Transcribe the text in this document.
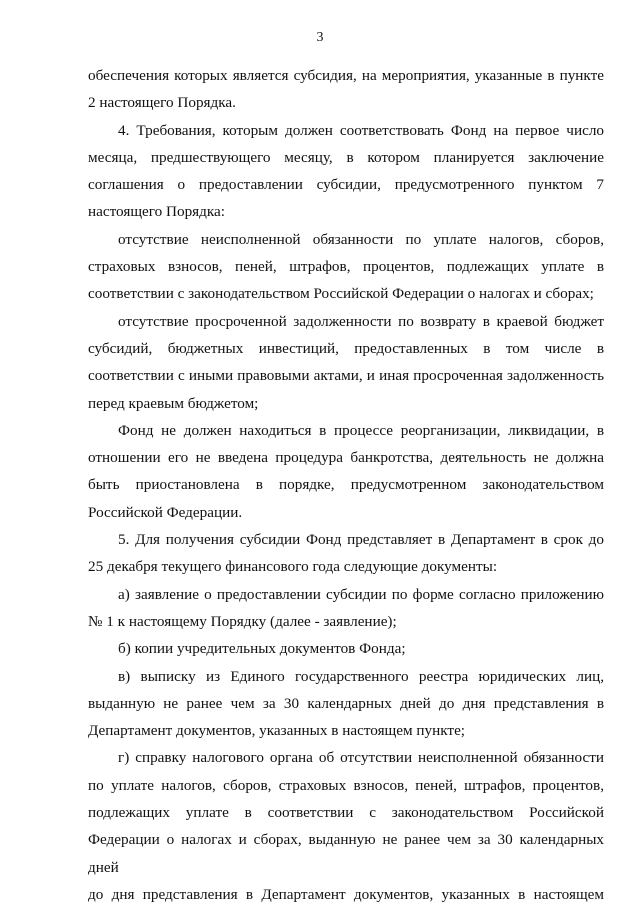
3

обеспечения которых является субсидия, на мероприятия, указанные в пункте
2 настоящего Порядка.

4. Требования, которым должен соответствовать Фонд на первое число
месяца, предшествующего месяцу, в котором планируется заключение
соглашения о предоставлении субсидии, предусмотренного пунктом 7
настоящего Порядка:

отсутствие неисполненной обязанности по уплате налогов, сборов,
страховых взносов, пеней, штрафов, процентов, подлежащих уплате в
соответствии с законодательством Российской Федерации о налогах и сборах;

отсутствие просроченной задолженности по возврату в краевой бюджет
субсидий, бюджетных инвестиций, предоставленных в том числе в
соответствии с иными правовыми актами, и иная просроченная задолженность
перед краевым бюджетом;

Фонд не должен находиться в процессе реорганизации, ликвидации, в
отношении его не введена процедура банкротства, деятельность не должна
быть приостановлена в порядке, предусмотренном законодательством
Российской Федерации.

5. Для получения субсидии Фонд представляет в Департамент в срок до
25 декабря текущего финансового года следующие документы:

а) заявление о предоставлении субсидии по форме согласно приложению
№ 1 к настоящему Порядку (далее - заявление);

б) копии учредительных документов Фонда;

в) выписку из Единого государственного реестра юридических лиц,
выданную не ранее чем за 30 календарных дней до дня представления в
Департамент документов, указанных в настоящем пункте;

г) справку налогового органа об отсутствии неисполненной обязанности
по уплате налогов, сборов, страховых взносов, пеней, штрафов, процентов,
подлежащих уплате в соответствии с законодательством Российской
Федерации о налогах и сборах, выданную не ранее чем за 30 календарных дней
до дня представления в Департамент документов, указанных в настоящем
